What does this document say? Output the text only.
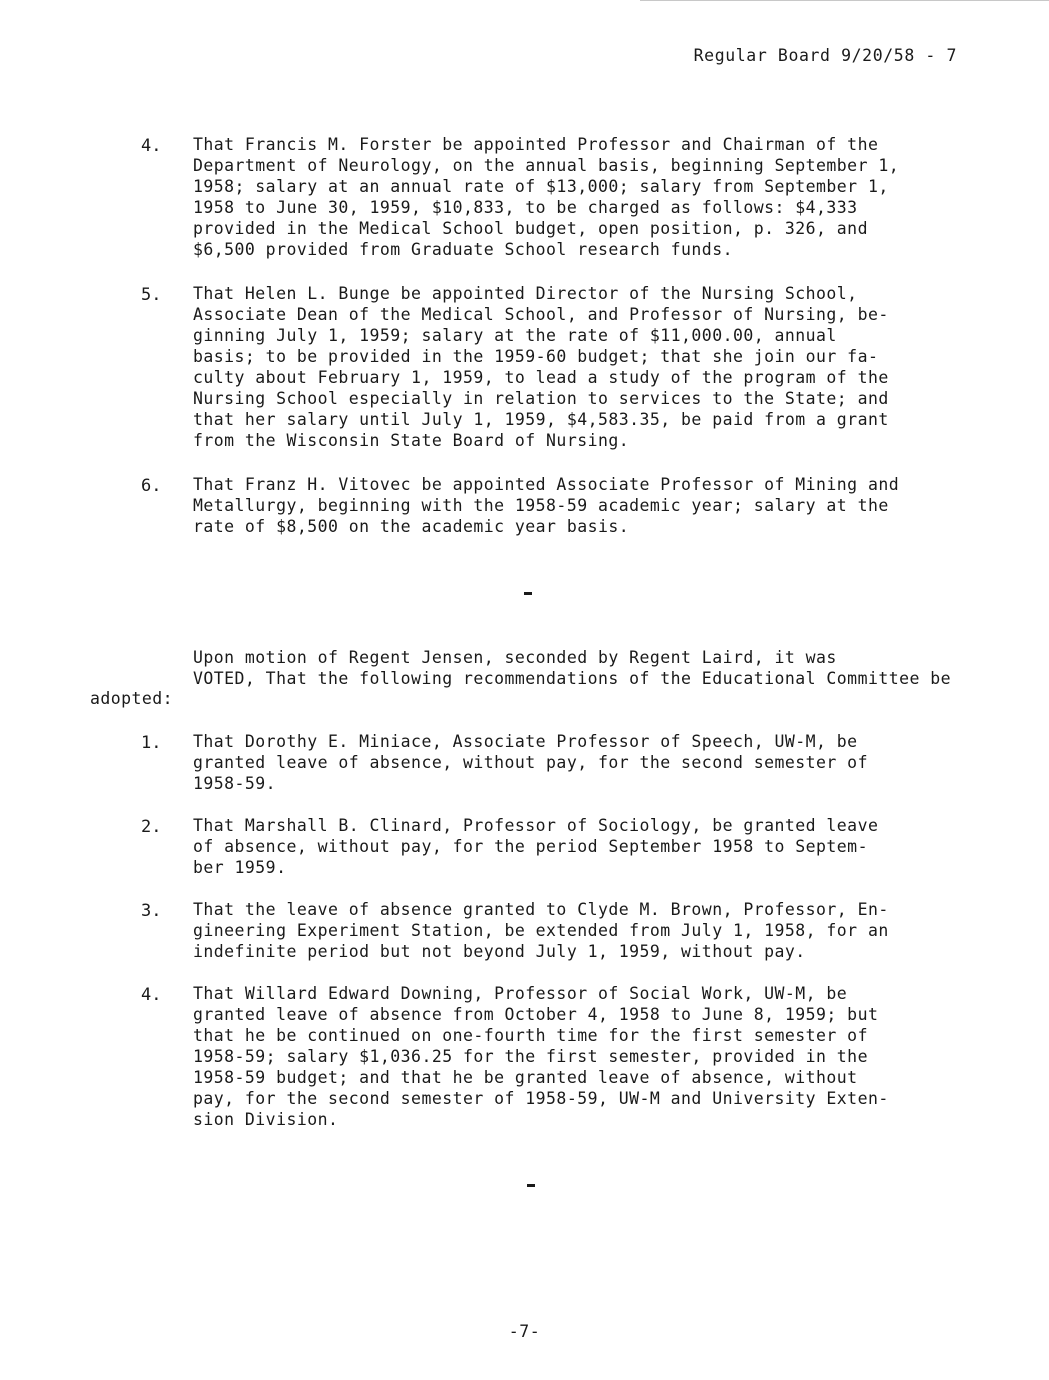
Regular Board 9/20/58 - 7
4. That Francis M. Forster be appointed Professor and Chairman of the
Department of Neurology, on the annual basis, beginning September 1,
1958; salary at an annual rate of $13,000; salary from September 1,
1958 to June 30, 1959, $10,833, to be charged as follows: $4,333
provided in the Medical School budget, open position, p. 326, and
$6,500 provided from Graduate School research funds.
5. That Helen L. Bunge be appointed Director of the Nursing School,
Associate Dean of the Medical School, and Professor of Nursing, be-
ginning July 1, 1959; salary at the rate of $11,000.00, annual
basis; to be provided in the 1959-60 budget; that she join our fa-
culty about February 1, 1959, to lead a study of the program of the
Nursing School especially in relation to services to the State; and
that her salary until July 1, 1959, $4,583.35, be paid from a grant
from the Wisconsin State Board of Nursing.
6. That Franz H. Vitovec be appointed Associate Professor of Mining and
Metallurgy, beginning with the 1958-59 academic year; salary at the
rate of $8,500 on the academic year basis.
Upon motion of Regent Jensen, seconded by Regent Laird, it was
VOTED, That the following recommendations of the Educational Committee be
adopted:
1. That Dorothy E. Miniace, Associate Professor of Speech, UW-M, be
granted leave of absence, without pay, for the second semester of
1958-59.
2. That Marshall B. Clinard, Professor of Sociology, be granted leave
of absence, without pay, for the period September 1958 to Septem-
ber 1959.
3. That the leave of absence granted to Clyde M. Brown, Professor, En-
gineering Experiment Station, be extended from July 1, 1958, for an
indefinite period but not beyond July 1, 1959, without pay.
4. That Willard Edward Downing, Professor of Social Work, UW-M, be
granted leave of absence from October 4, 1958 to June 8, 1959; but
that he be continued on one-fourth time for the first semester of
1958-59; salary $1,036.25 for the first semester, provided in the
1958-59 budget; and that he be granted leave of absence, without
pay, for the second semester of 1958-59, UW-M and University Exten-
sion Division.
-7-
